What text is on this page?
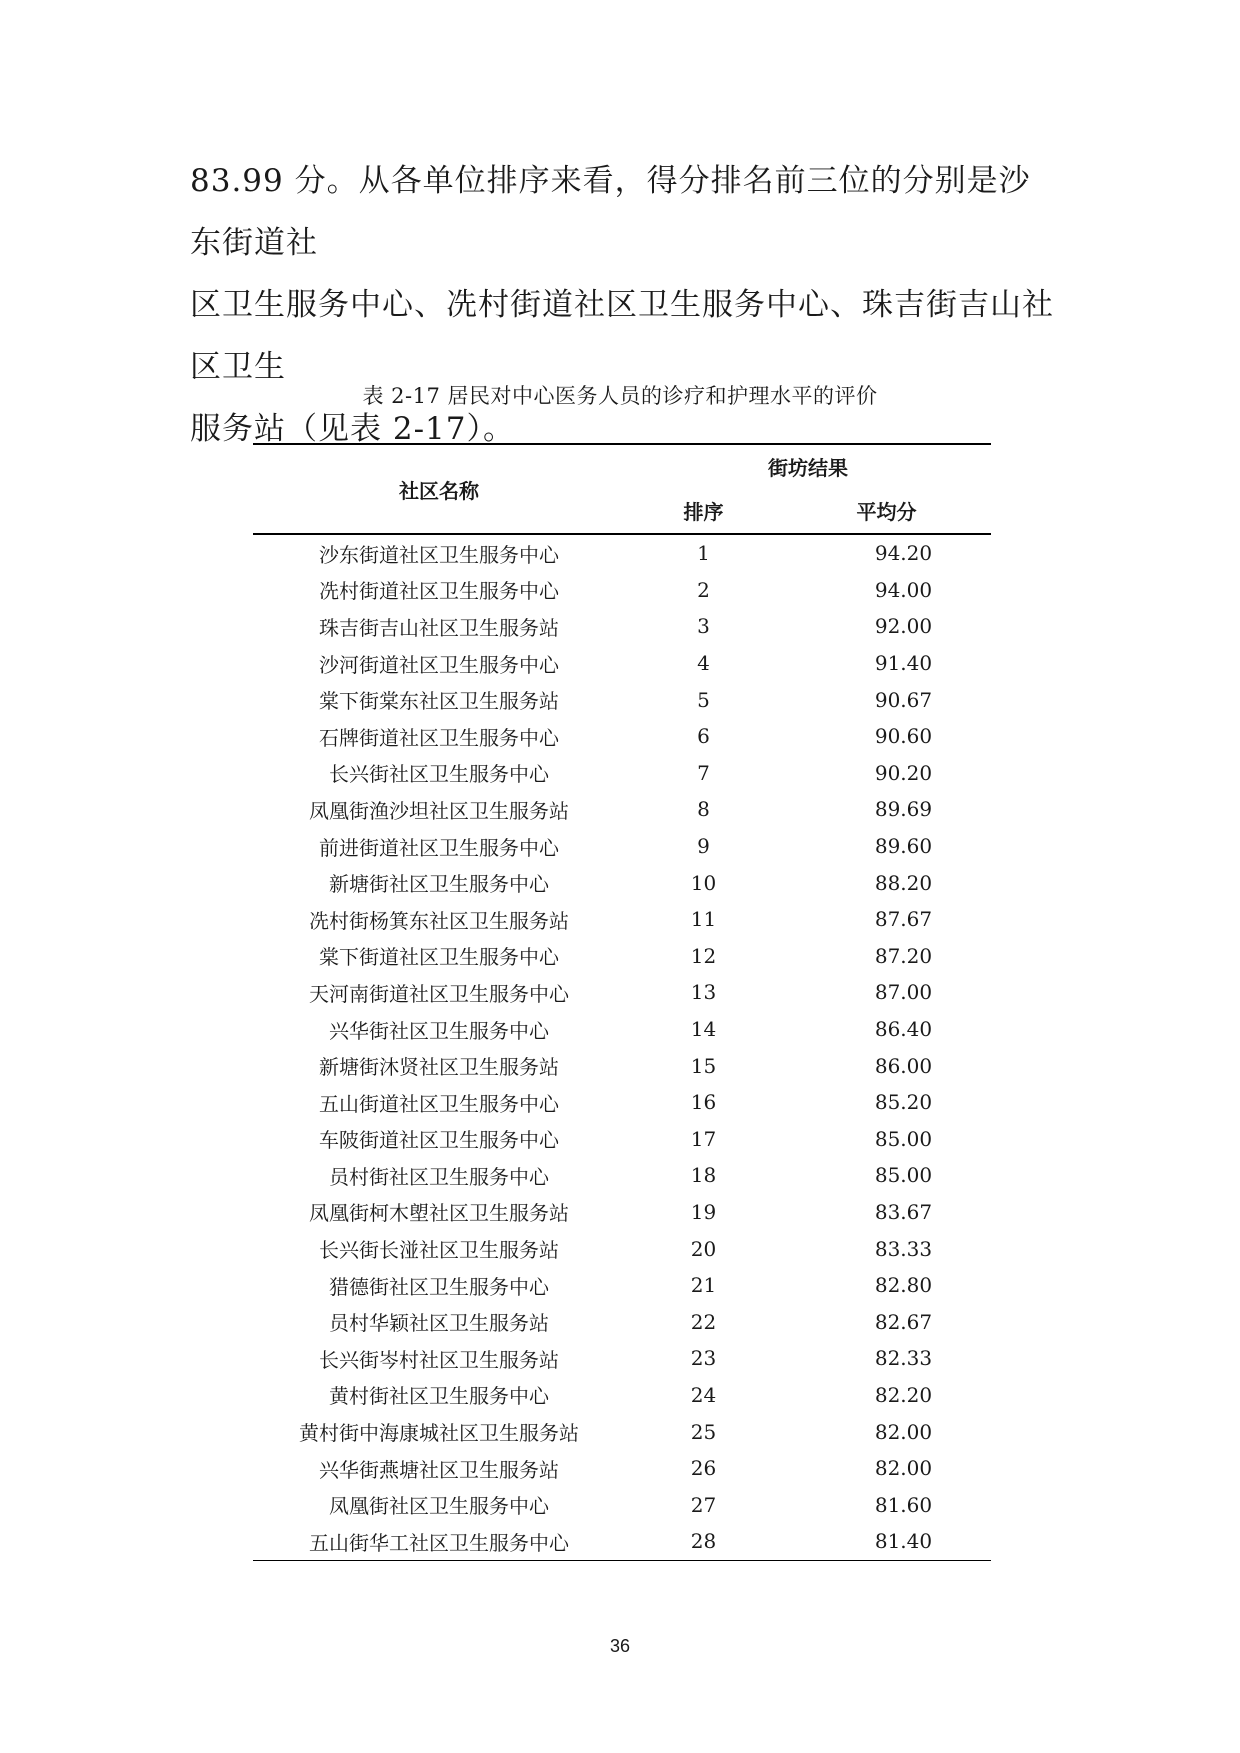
83.99 分。从各单位排序来看，得分排名前三位的分别是沙东街道社
区卫生服务中心、冼村街道社区卫生服务中心、珠吉街吉山社区卫生
服务站（见表 2-17）。
表 2-17 居民对中心医务人员的诊疗和护理水平的评价
社区名称	街坊结果	
	排序	平均分
沙东街道社区卫生服务中心	1	94.20
冼村街道社区卫生服务中心	2	94.00
珠吉街吉山社区卫生服务站	3	92.00
沙河街道社区卫生服务中心	4	91.40
棠下街棠东社区卫生服务站	5	90.67
石牌街道社区卫生服务中心	6	90.60
长兴街社区卫生服务中心	7	90.20
凤凰街渔沙坦社区卫生服务站	8	89.69
前进街道社区卫生服务中心	9	89.60
新塘街社区卫生服务中心	10	88.20
冼村街杨箕东社区卫生服务站	11	87.67
棠下街道社区卫生服务中心	12	87.20
天河南街道社区卫生服务中心	13	87.00
兴华街社区卫生服务中心	14	86.40
新塘街沐贤社区卫生服务站	15	86.00
五山街道社区卫生服务中心	16	85.20
车陂街道社区卫生服务中心	17	85.00
员村街社区卫生服务中心	18	85.00
凤凰街柯木塱社区卫生服务站	19	83.67
长兴街长湴社区卫生服务站	20	83.33
猎德街社区卫生服务中心	21	82.80
员村华颖社区卫生服务站	22	82.67
长兴街岑村社区卫生服务站	23	82.33
黄村街社区卫生服务中心	24	82.20
黄村街中海康城社区卫生服务站	25	82.00
兴华街燕塘社区卫生服务站	26	82.00
凤凰街社区卫生服务中心	27	81.60
五山街华工社区卫生服务中心	28	81.40
36
